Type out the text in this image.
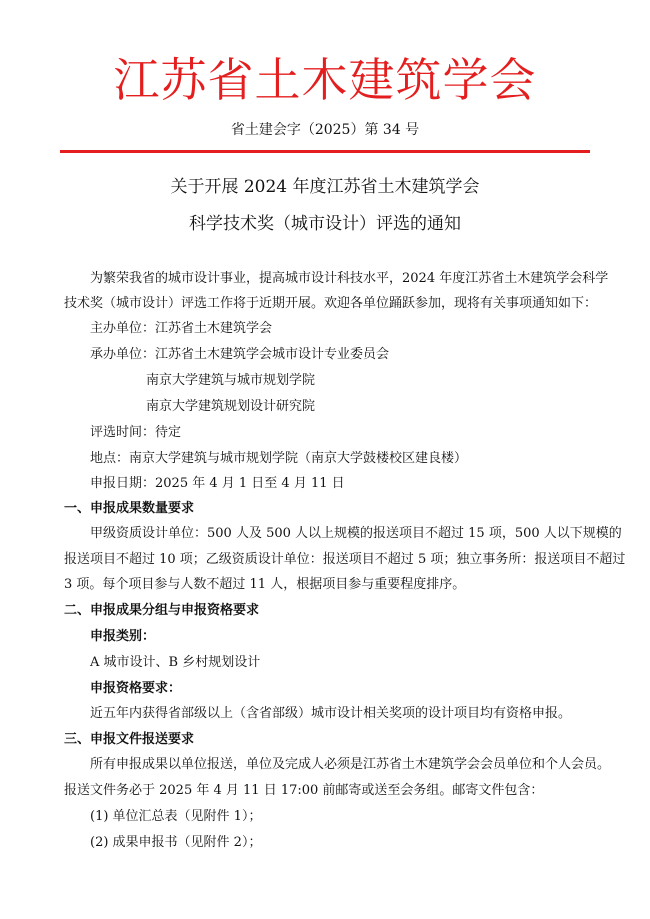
江苏省土木建筑学会
省土建会字（2025）第 34 号
关于开展 2024 年度江苏省土木建筑学会
科学技术奖（城市设计）评选的通知
为繁荣我省的城市设计事业，提高城市设计科技水平，2024 年度江苏省土木建筑学会科学
技术奖（城市设计）评选工作将于近期开展。欢迎各单位踊跃参加，现将有关事项通知如下：
主办单位：江苏省土木建筑学会
承办单位：江苏省土木建筑学会城市设计专业委员会
南京大学建筑与城市规划学院
南京大学建筑规划设计研究院
评选时间：待定
地点：南京大学建筑与城市规划学院（南京大学鼓楼校区建良楼）
申报日期：2025 年 4 月 1 日至 4 月 11 日
一、申报成果数量要求
甲级资质设计单位：500 人及 500 人以上规模的报送项目不超过 15 项，500 人以下规模的
报送项目不超过 10 项；乙级资质设计单位：报送项目不超过 5 项；独立事务所：报送项目不超过
3 项。每个项目参与人数不超过 11 人，根据项目参与重要程度排序。
二、申报成果分组与申报资格要求
申报类别：
A 城市设计、B 乡村规划设计
申报资格要求：
近五年内获得省部级以上（含省部级）城市设计相关奖项的设计项目均有资格申报。
三、申报文件报送要求
所有申报成果以单位报送，单位及完成人必须是江苏省土木建筑学会会员单位和个人会员。
报送文件务必于 2025 年 4 月 11 日 17:00 前邮寄或送至会务组。邮寄文件包含：
(1) 单位汇总表（见附件 1）；
(2) 成果申报书（见附件 2）；
